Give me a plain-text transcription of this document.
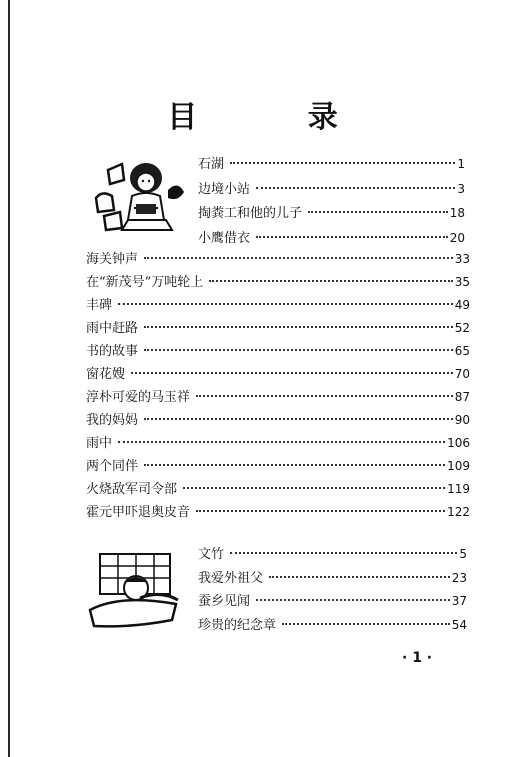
目 录
石湖	1
边境小站	3
掏粪工和他的儿子	18
小鹰借衣	20
海关钟声	33
在“新茂号”万吨轮上	35
丰碑	49
雨中赶路	52
书的故事	65
窗花嫂	70
淳朴可爱的马玉祥	87
我的妈妈	90
雨中	106
两个同伴	109
火烧敌军司令部	119
霍元甲吓退奥皮音	122
文竹	5
我爱外祖父	23
蚕乡见闻	37
珍贵的纪念章	54
· 1 ·
